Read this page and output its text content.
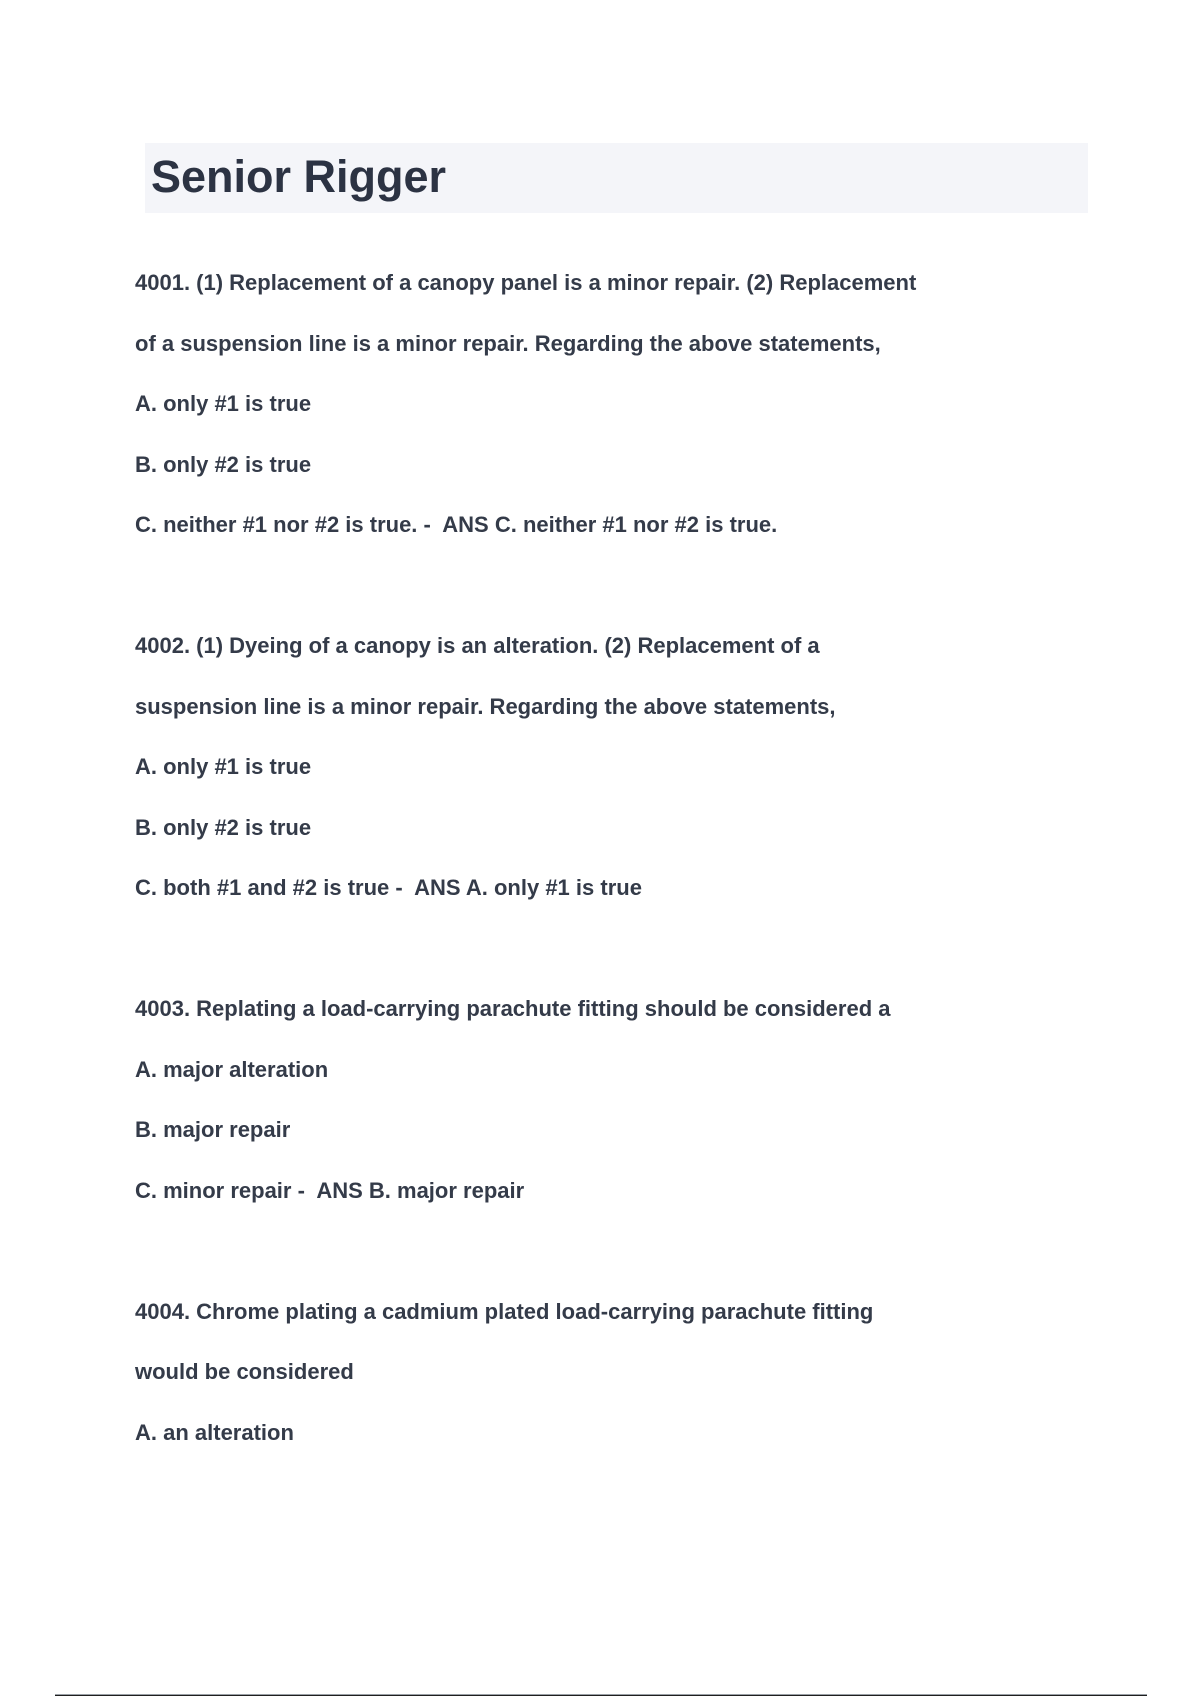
Senior Rigger

4001. (1) Replacement of a canopy panel is a minor repair. (2) Replacement

of a suspension line is a minor repair. Regarding the above statements,

A. only #1 is true

B. only #2 is true

C. neither #1 nor #2 is true. -  ANS C. neither #1 nor #2 is true.

4002. (1) Dyeing of a canopy is an alteration. (2) Replacement of a

suspension line is a minor repair. Regarding the above statements,

A. only #1 is true

B. only #2 is true

C. both #1 and #2 is true -  ANS A. only #1 is true

4003. Replating a load-carrying parachute fitting should be considered a

A. major alteration

B. major repair

C. minor repair -  ANS B. major repair

4004. Chrome plating a cadmium plated load-carrying parachute fitting

would be considered

A. an alteration
